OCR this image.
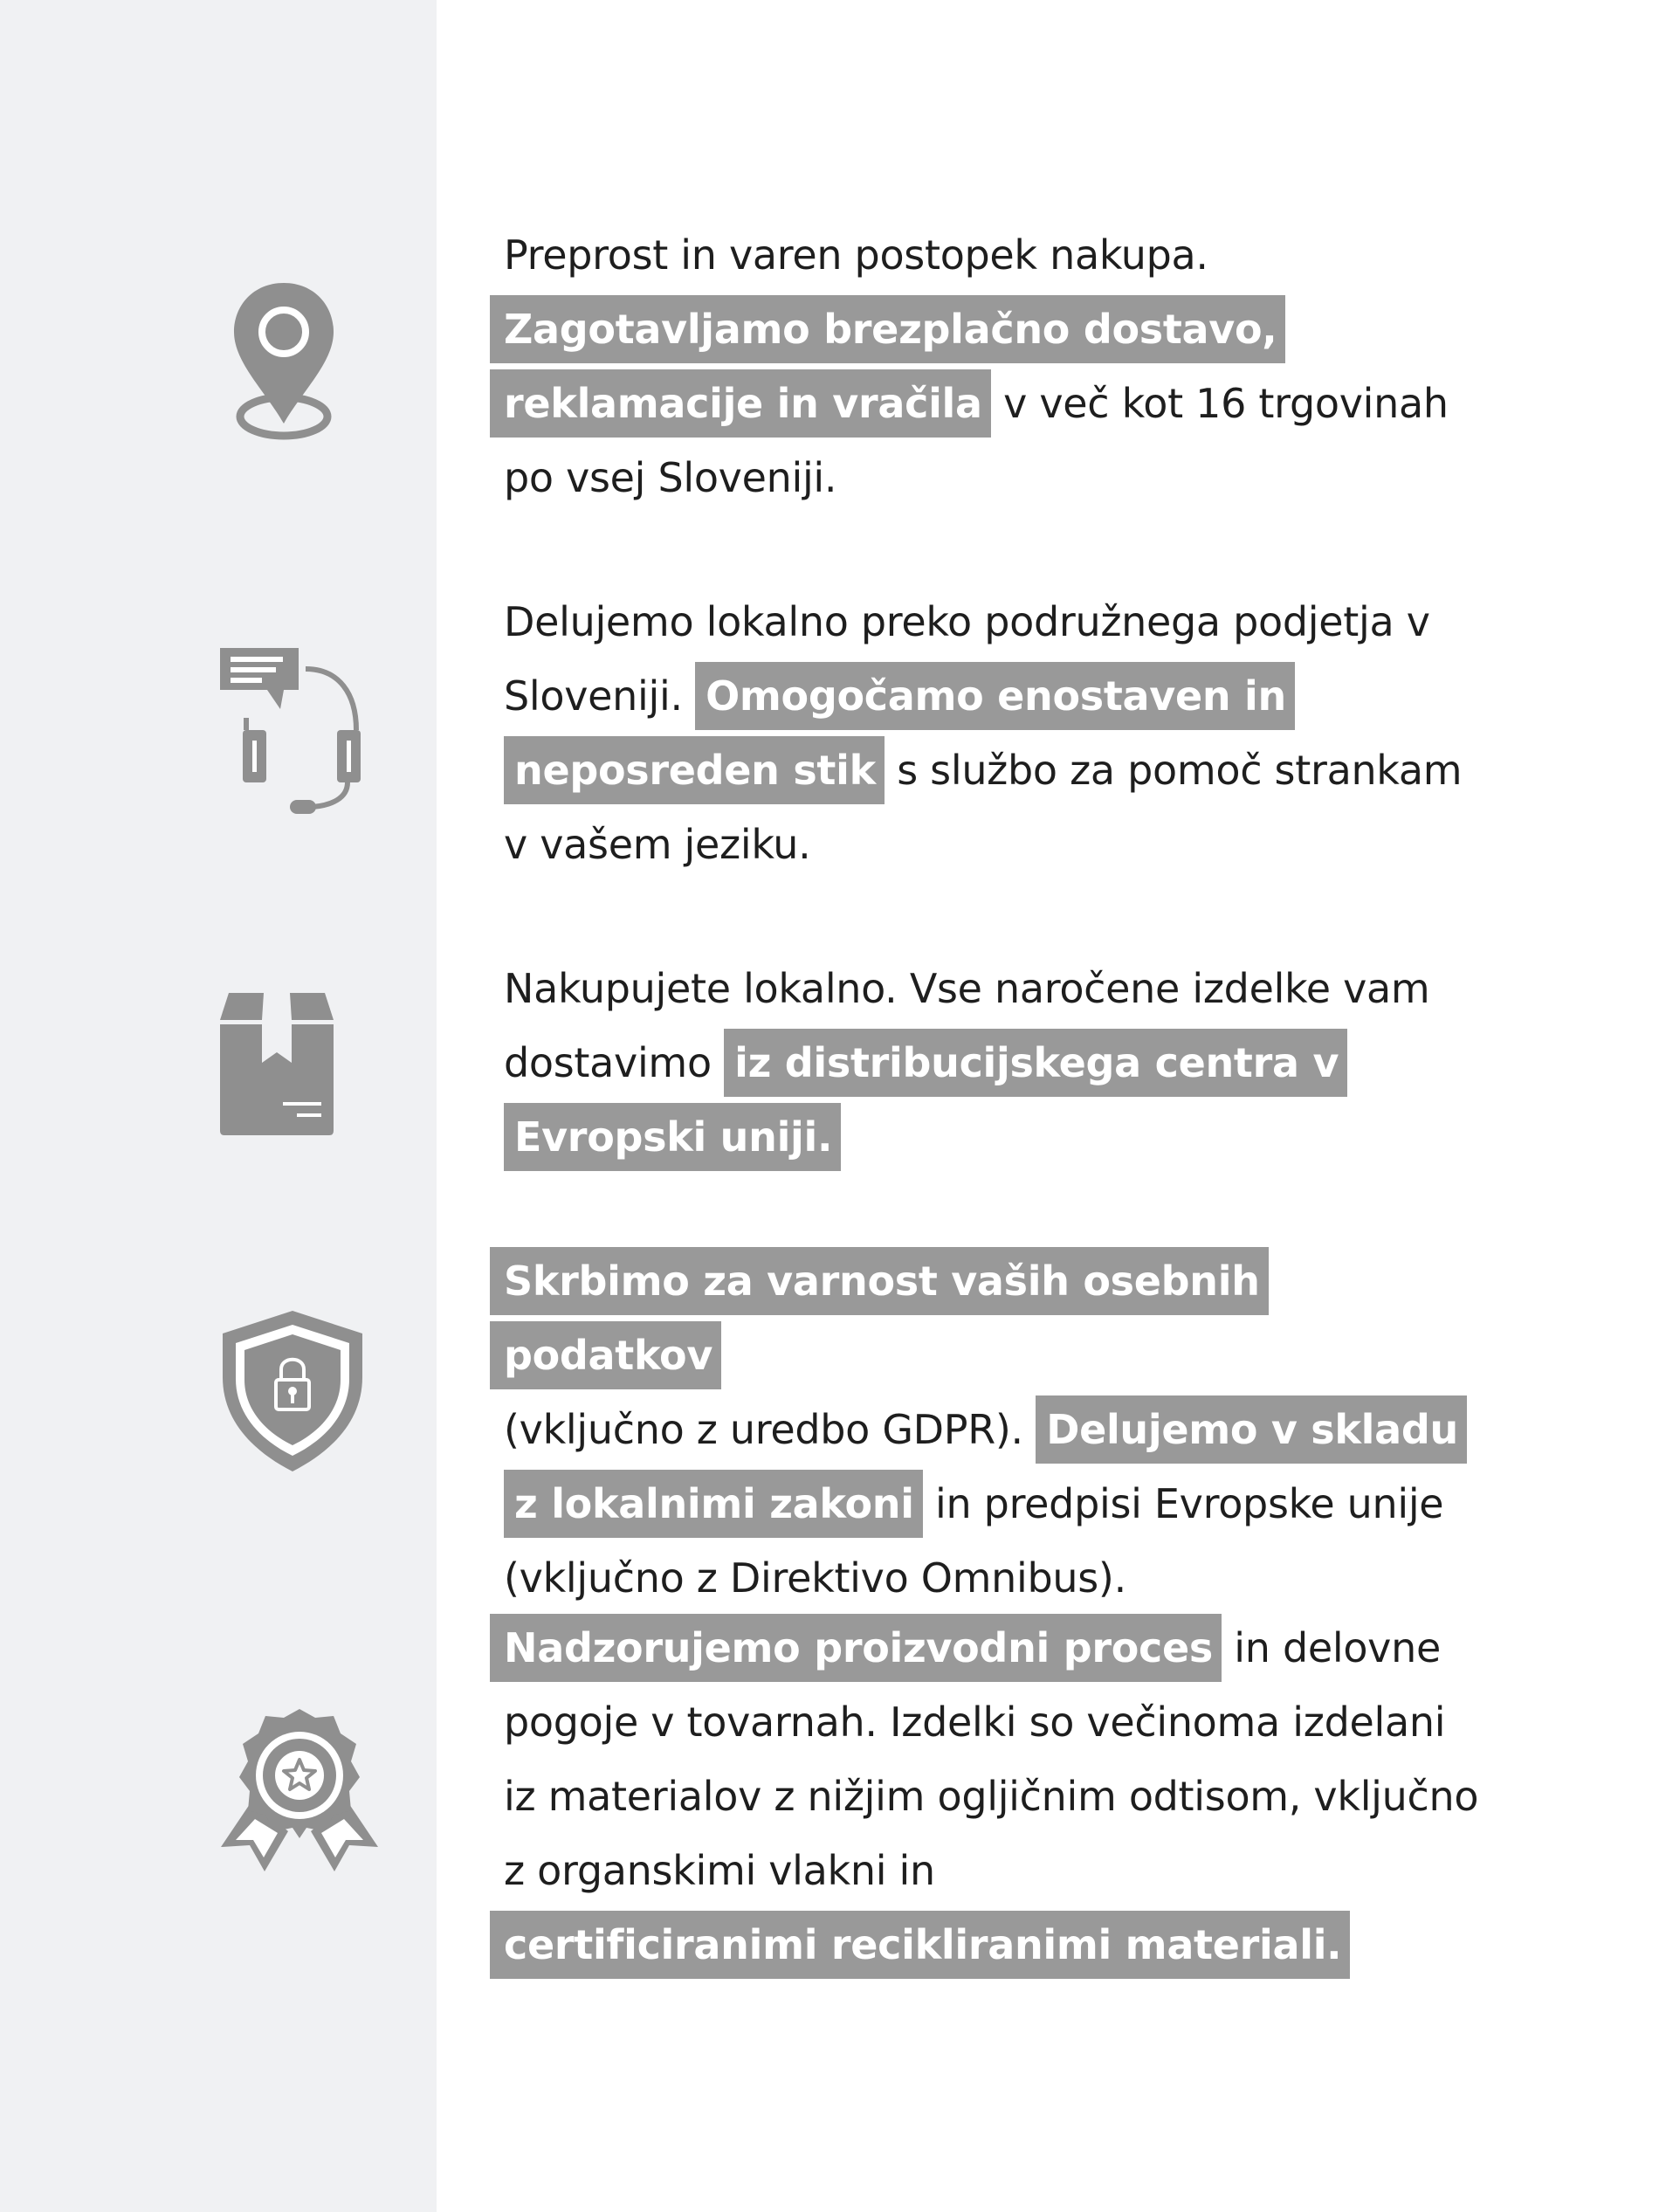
Preprost in varen postopek nakupa.
Zagotavljamo brezplačno dostavo, reklamacije in vračila v več kot 16 trgovinah po vsej Sloveniji.

Delujemo lokalno preko podružnega podjetja v Sloveniji. Omogočamo enostaven in neposreden stik s službo za pomoč strankam v vašem jeziku.

Nakupujete lokalno. Vse naročene izdelke vam dostavimo iz distribucijskega centra v Evropski uniji.

Skrbimo za varnost vaših osebnih podatkov
(vključno z uredbo GDPR). Delujemo v skladu z lokalnimi zakoni in predpisi Evropske unije (vključno z Direktivo Omnibus).

Nadzorujemo proizvodni proces in delovne pogoje v tovarnah. Izdelki so večinoma izdelani iz materialov z nižjim ogljičnim odtisom, vključno z organskimi vlakni in
certificiranimi recikliranimi materiali.
